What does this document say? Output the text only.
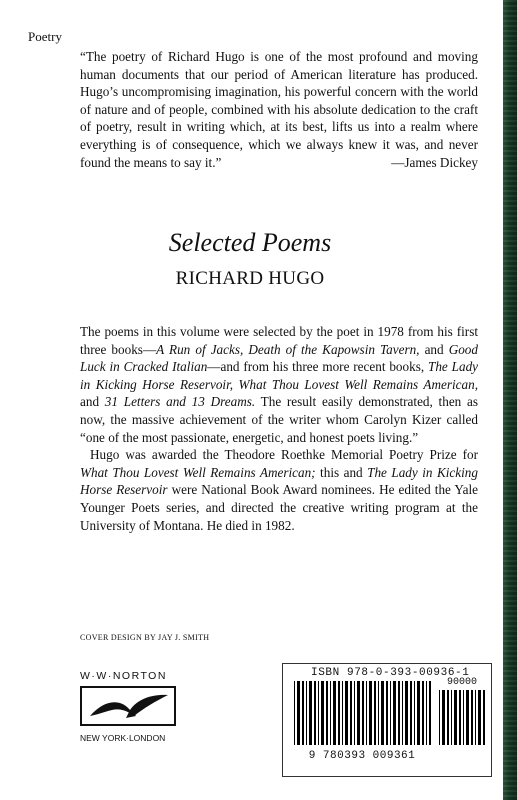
Poetry
“The poetry of Richard Hugo is one of the most profound and moving human documents that our period of American literature has produced. Hugo’s uncompromising imagination, his powerful concern with the world of nature and of people, combined with his absolute dedication to the craft of poetry, result in writing which, at its best, lifts us into a realm where everything is of consequence, which we always knew it was, and never found the means to say it.”	—James Dickey
Selected Poems
RICHARD HUGO

The poems in this volume were selected by the poet in 1978 from his first three books—A Run of Jacks, Death of the Kapowsin Tavern, and Good Luck in Cracked Italian—and from his three more recent books, The Lady in Kicking Horse Reservoir, What Thou Lovest Well Remains American, and 31 Letters and 13 Dreams. The result easily demonstrated, then as now, the massive achievement of the writer whom Carolyn Kizer called “one of the most passionate, energetic, and honest poets living.”

Hugo was awarded the Theodore Roethke Memorial Poetry Prize for What Thou Lovest Well Remains American; this and The Lady in Kicking Horse Reservoir were National Book Award nominees. He edited the Yale Younger Poets series, and directed the creative writing program at the University of Montana. He died in 1982.

COVER DESIGN BY JAY J. SMITH
W·W·NORTON
NEW YORK·LONDON
ISBN 978-0-393-00936-1
90000
9 780393 009361
